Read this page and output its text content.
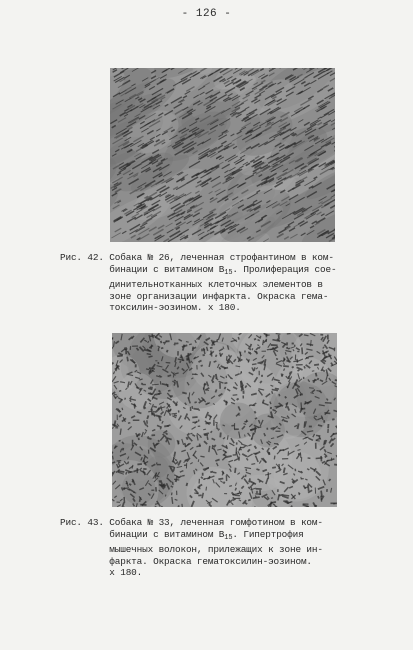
- 126 -
Рис. 42. Собака № 26, леченная строфантином в ком-
бинации с витамином $B_{15}$. Пролиферация сое-
динительнотканных клеточных элементов в
зоне организации инфаркта. Окраска гема-
токсилин-эозином. х 180.
Рис. 43. Собака № 33, леченная гомфотином в ком-
бинации с витамином $B_{15}$. Гипертрофия
мышечных волокон, прилежащих к зоне ин-
фаркта. Окраска гематоксилин-эозином.
х 180.
